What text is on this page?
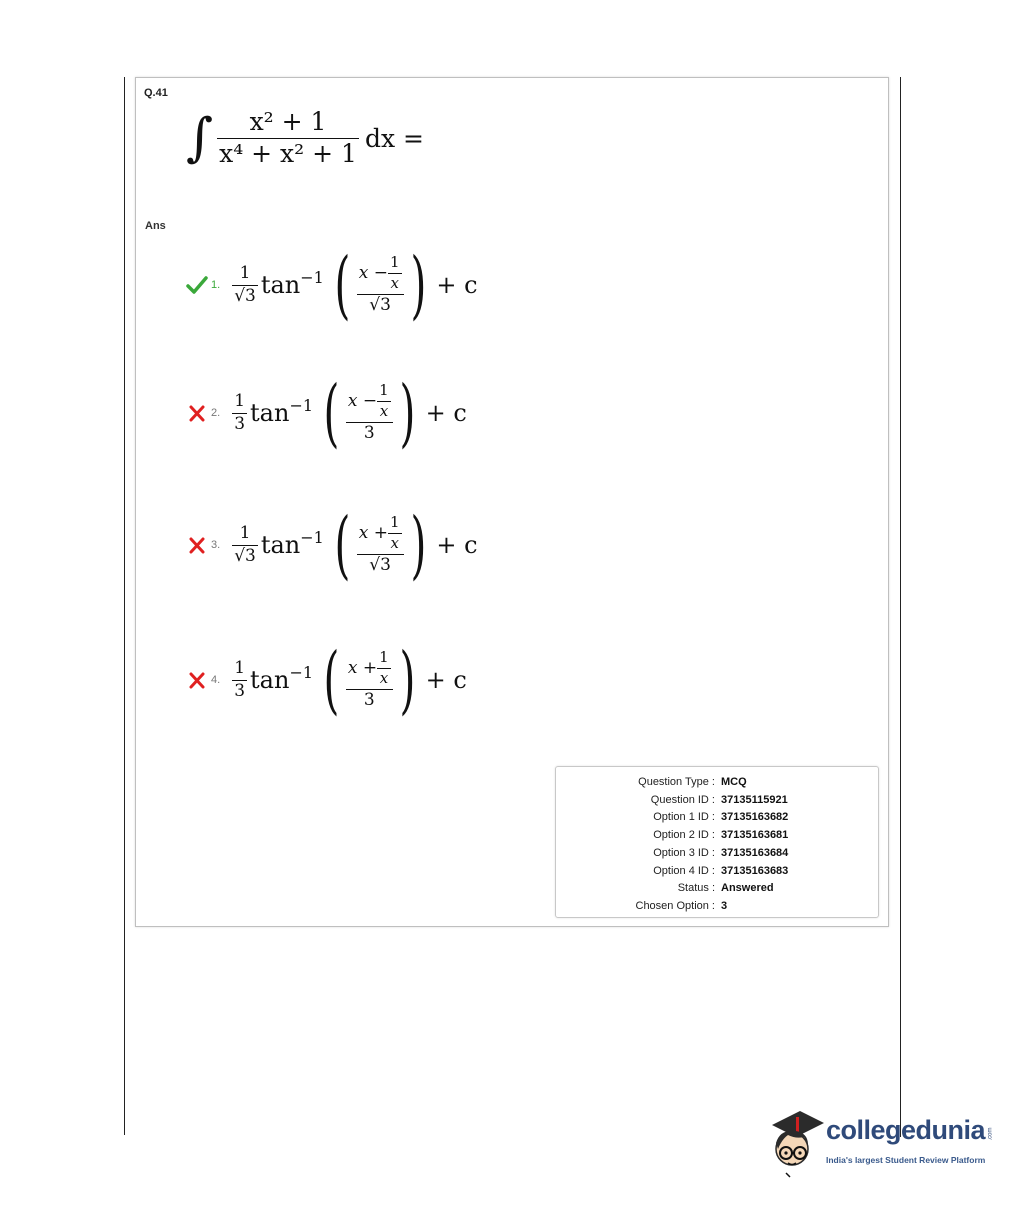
Q.41
∫ $\frac{\text{x² + 1}}{\text{x⁴ + x² + 1}}$ dx =
Ans
1. $\frac{1}{√3} \tan^{-1}$ ( $\frac{x - \frac{1}{x}}{√3}$ ) + c
2. $\frac{1}{3} \tan^{-1}$ ( $\frac{x - \frac{1}{x}}{3}$ ) + c
3. $\frac{1}{√3} \tan^{-1}$ ( $\frac{x + \frac{1}{x}}{√3}$ ) + c
4. $\frac{1}{3} \tan^{-1}$ ( $\frac{x + \frac{1}{x}}{3}$ ) + c
Question Type : MCQ
Question ID : 37135115921
Option 1 ID : 37135163682
Option 2 ID : 37135163681
Option 3 ID : 37135163684
Option 4 ID : 37135163683
Status : Answered
Chosen Option : 3
collegedunia .com
India's largest Student Review Platform
